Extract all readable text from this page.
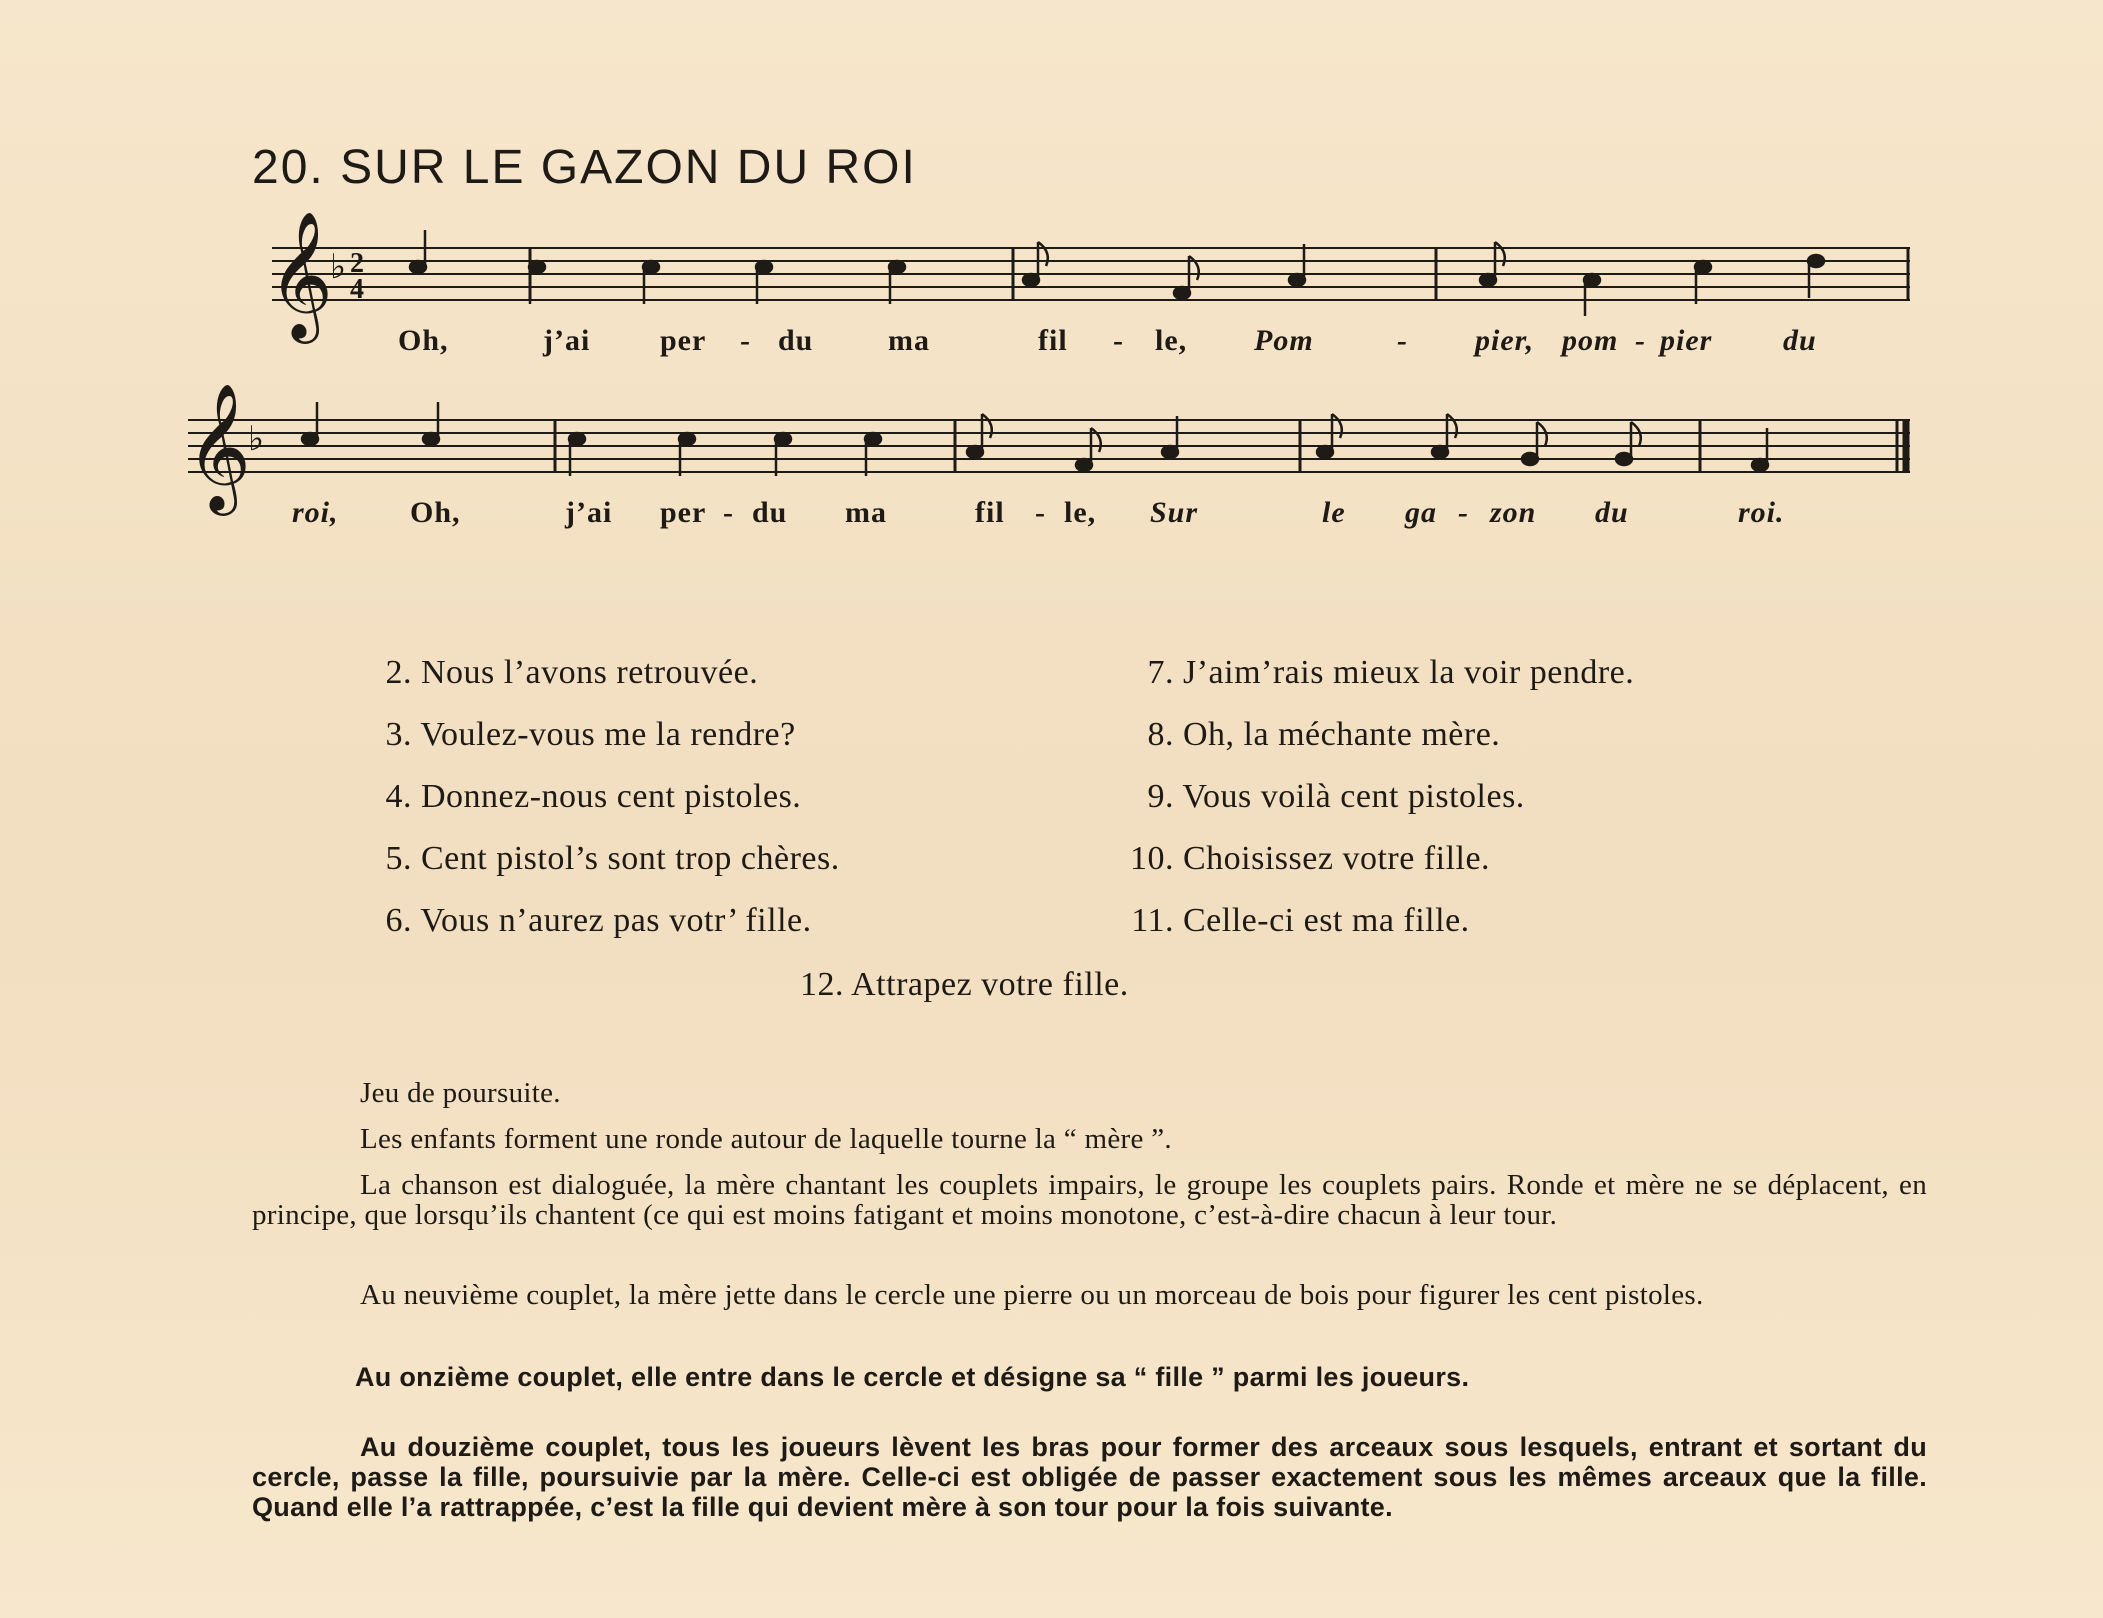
20. SUR LE GAZON DU ROI
𝄞
♭ 2
4
Oh,	j’ai per - du ma	fil - le, Pom	- pier, pom - pier du
𝄞
♭
roi, Oh,	j’ai per - du ma	fil - le, Sur	le ga - zon du	roi.
2. Nous l’avons retrouvée.
3. Voulez-vous me la rendre?
4. Donnez-nous cent pistoles.
5. Cent pistol’s sont trop chères.
6. Vous n’aurez pas votr’ fille.
7. J’aim’rais mieux la voir pendre.
8. Oh, la méchante mère.
9. Vous voilà cent pistoles.
10. Choisissez votre fille.
11. Celle-ci est ma fille.
12. Attrapez votre fille.

Jeu de poursuite.

Les enfants forment une ronde autour de laquelle tourne la “ mère ”.

La chanson est dialoguée, la mère chantant les couplets impairs, le groupe les couplets pairs. Ronde et mère ne se déplacent, en principe, que lorsqu’ils chantent (ce qui est moins fatigant et moins monotone, c’est-à-dire chacun à leur tour.

Au neuvième couplet, la mère jette dans le cercle une pierre ou un morceau de bois pour figurer les cent pistoles.

Au onzième couplet, elle entre dans le cercle et désigne sa “ fille ” parmi les joueurs.

Au douzième couplet, tous les joueurs lèvent les bras pour former des arceaux sous lesquels, entrant et sortant du cercle, passe la fille, poursuivie par la mère. Celle-ci est obligée de passer exactement sous les mêmes arceaux que la fille. Quand elle l’a rattrappée, c’est la fille qui devient mère à son tour pour la fois suivante.
